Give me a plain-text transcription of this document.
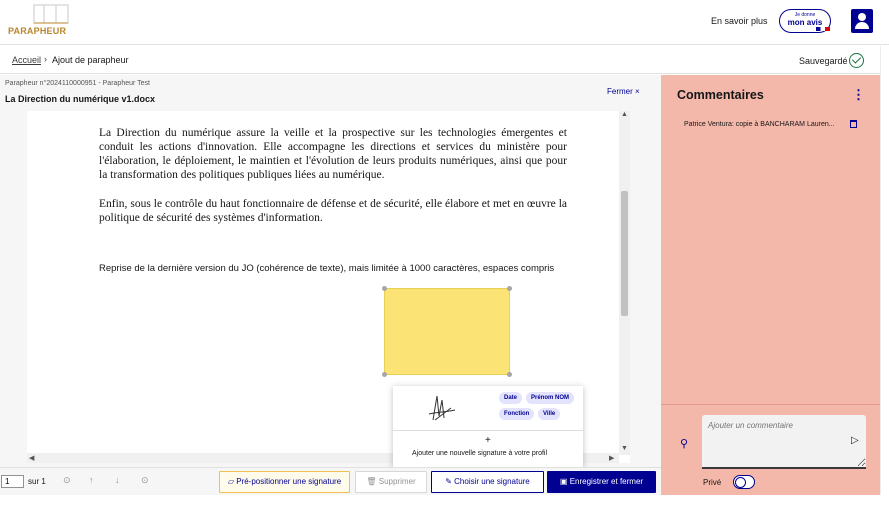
PARAPHEUR
En savoir plus
Je donne
mon avis
Accueil › Ajout de parapheur	Sauvegardé
Parapheur n°2024110000951 - Parapheur Test
La Direction du numérique v1.docx
Fermer ×

La Direction du numérique assure la veille et la prospective sur les technologies émergentes et conduit les actions d'innovation. Elle accompagne les directions et services du ministère pour l'élaboration, le déploiement, le maintien et l'évolution de leurs produits numériques, ainsi que pour la transformation des politiques publiques liées au numérique.

Enfin, sous le contrôle du haut fonctionnaire de défense et de sécurité, elle élabore et met en œuvre la politique de sécurité des systèmes d'information.

Reprise de la dernière version du JO (cohérence de texte), mais limitée à 1000 caractères, espaces compris

▲
▼
◀	▶
Date	Prénom NOM
Fonction	Ville
+
Ajouter une nouvelle signature à votre profil
1
sur 1 ⊙ ↑ ↓ ⊙	▱ Pré-positionner une signature	🗑 Supprimer	✎ Choisir une signature	▣ Enregistrer et fermer
Commentaires	⋮
Patrice Ventura: copie à BANCHARAM Lauren...
⚲
Ajouter un commentaire	▷
Privé
